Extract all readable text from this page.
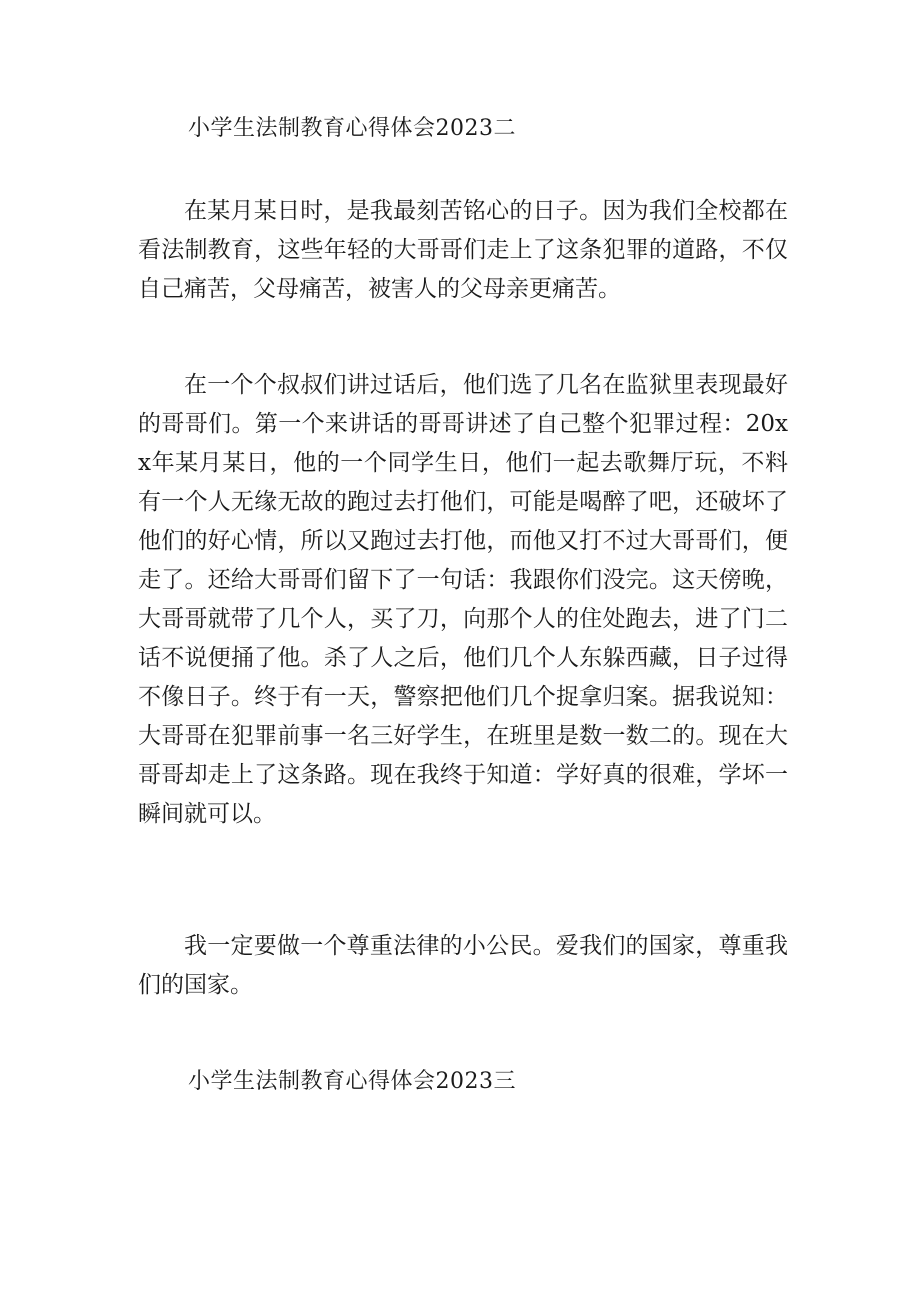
小学生法制教育心得体会2023二

在某月某日时，是我最刻苦铭心的日子。因为我们全校都在看法制教育，这些年轻的大哥哥们走上了这条犯罪的道路，不仅自己痛苦，父母痛苦，被害人的父母亲更痛苦。

在一个个叔叔们讲过话后，他们选了几名在监狱里表现最好的哥哥们。第一个来讲话的哥哥讲述了自己整个犯罪过程：20xx年某月某日，他的一个同学生日，他们一起去歌舞厅玩，不料有一个人无缘无故的跑过去打他们，可能是喝醉了吧，还破坏了他们的好心情，所以又跑过去打他，而他又打不过大哥哥们，便走了。还给大哥哥们留下了一句话：我跟你们没完。这天傍晚，大哥哥就带了几个人，买了刀，向那个人的住处跑去，进了门二话不说便捅了他。杀了人之后，他们几个人东躲西藏，日子过得不像日子。终于有一天，警察把他们几个捉拿归案。据我说知：大哥哥在犯罪前事一名三好学生，在班里是数一数二的。现在大哥哥却走上了这条路。现在我终于知道：学好真的很难，学坏一瞬间就可以。

我一定要做一个尊重法律的小公民。爱我们的国家，尊重我们的国家。

小学生法制教育心得体会2023三
